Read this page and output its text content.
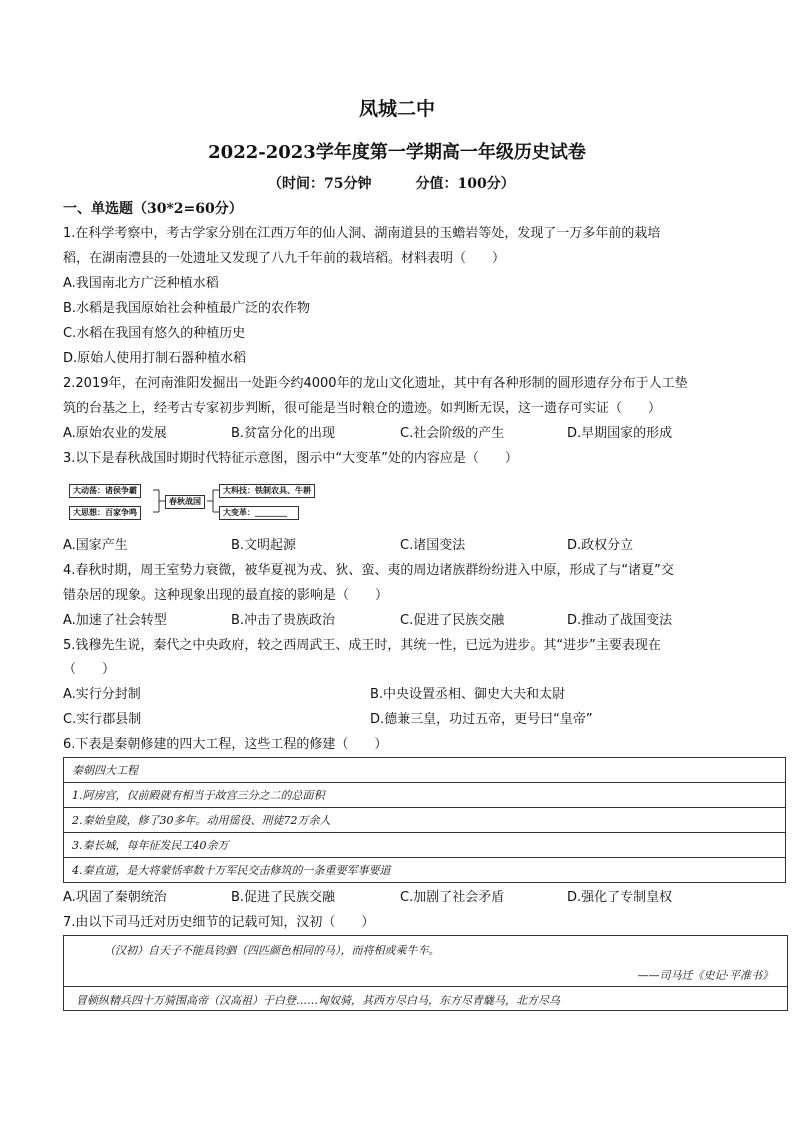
凤城二中
2022-2023学年度第一学期高一年级历史试卷
（时间：75分钟	分值：100分）
一、单选题（30*2=60分）
1.在科学考察中，考古学家分别在江西万年的仙人洞、湖南道县的玉蟾岩等处，发现了一万多年前的栽培
稻，在湖南澧县的一处遗址又发现了八九千年前的栽培稻。材料表明（　　）
A.我国南北方广泛种植水稻
B.水稻是我国原始社会种植最广泛的农作物
C.水稻在我国有悠久的种植历史
D.原始人使用打制石器种植水稻
2.2019年，在河南淮阳发掘出一处距今约4000年的龙山文化遗址，其中有各种形制的圆形遗存分布于人工垫
筑的台基之上，经考古专家初步判断，很可能是当时粮仓的遗迹。如判断无误，这一遗存可实证（　　）
A.原始农业的发展	B.贫富分化的出现	C.社会阶级的产生	D.早期国家的形成
3.以下是春秋战国时期时代特征示意图，图示中“大变革”处的内容应是（　　）
大动荡：诸侯争霸
大思想：百家争鸣
春秋战国
大科技：铁制农具、牛耕
大变革：________
A.国家产生	B.文明起源	C.诸国变法	D.政权分立
4.春秋时期，周王室势力衰微，被华夏视为戎、狄、蛮、夷的周边诸族群纷纷进入中原，形成了与“诸夏”交
错杂居的现象。这种现象出现的最直接的影响是（　　）
A.加速了社会转型	B.冲击了贵族政治	C.促进了民族交融	D.推动了战国变法
5.钱穆先生说，秦代之中央政府，较之西周武王、成王时，其统一性，已远为进步。其“进步”主要表现在
（　　）
A.实行分封制	B.中央设置丞相、御史大夫和太尉
C.实行郡县制	D.德兼三皇，功过五帝，更号曰“皇帝”
6.下表是秦朝修建的四大工程，这些工程的修建（　　）
秦朝四大工程
1.阿房宫，仅前殿就有相当于故宫三分之二的总面积
2.秦始皇陵，修了30多年。动用徭役、刑徒72万余人
3.秦长城，每年征发民工40余万
4.秦直道，是大将蒙恬率数十万军民交击修筑的一条重要军事要道
A.巩固了秦朝统治	B.促进了民族交融	C.加剧了社会矛盾	D.强化了专制皇权
7.由以下司马迁对历史细节的记载可知，汉初（　　）
（汉初）自天子不能具钧驷（四匹颜色相同的马），而将相或乘牛车。
——司马迁《史记·平准书》
冒顿纵精兵四十万骑围高帝（汉高祖）于白登……匈奴骑，其西方尽白马，东方尽青駹马，北方尽乌
